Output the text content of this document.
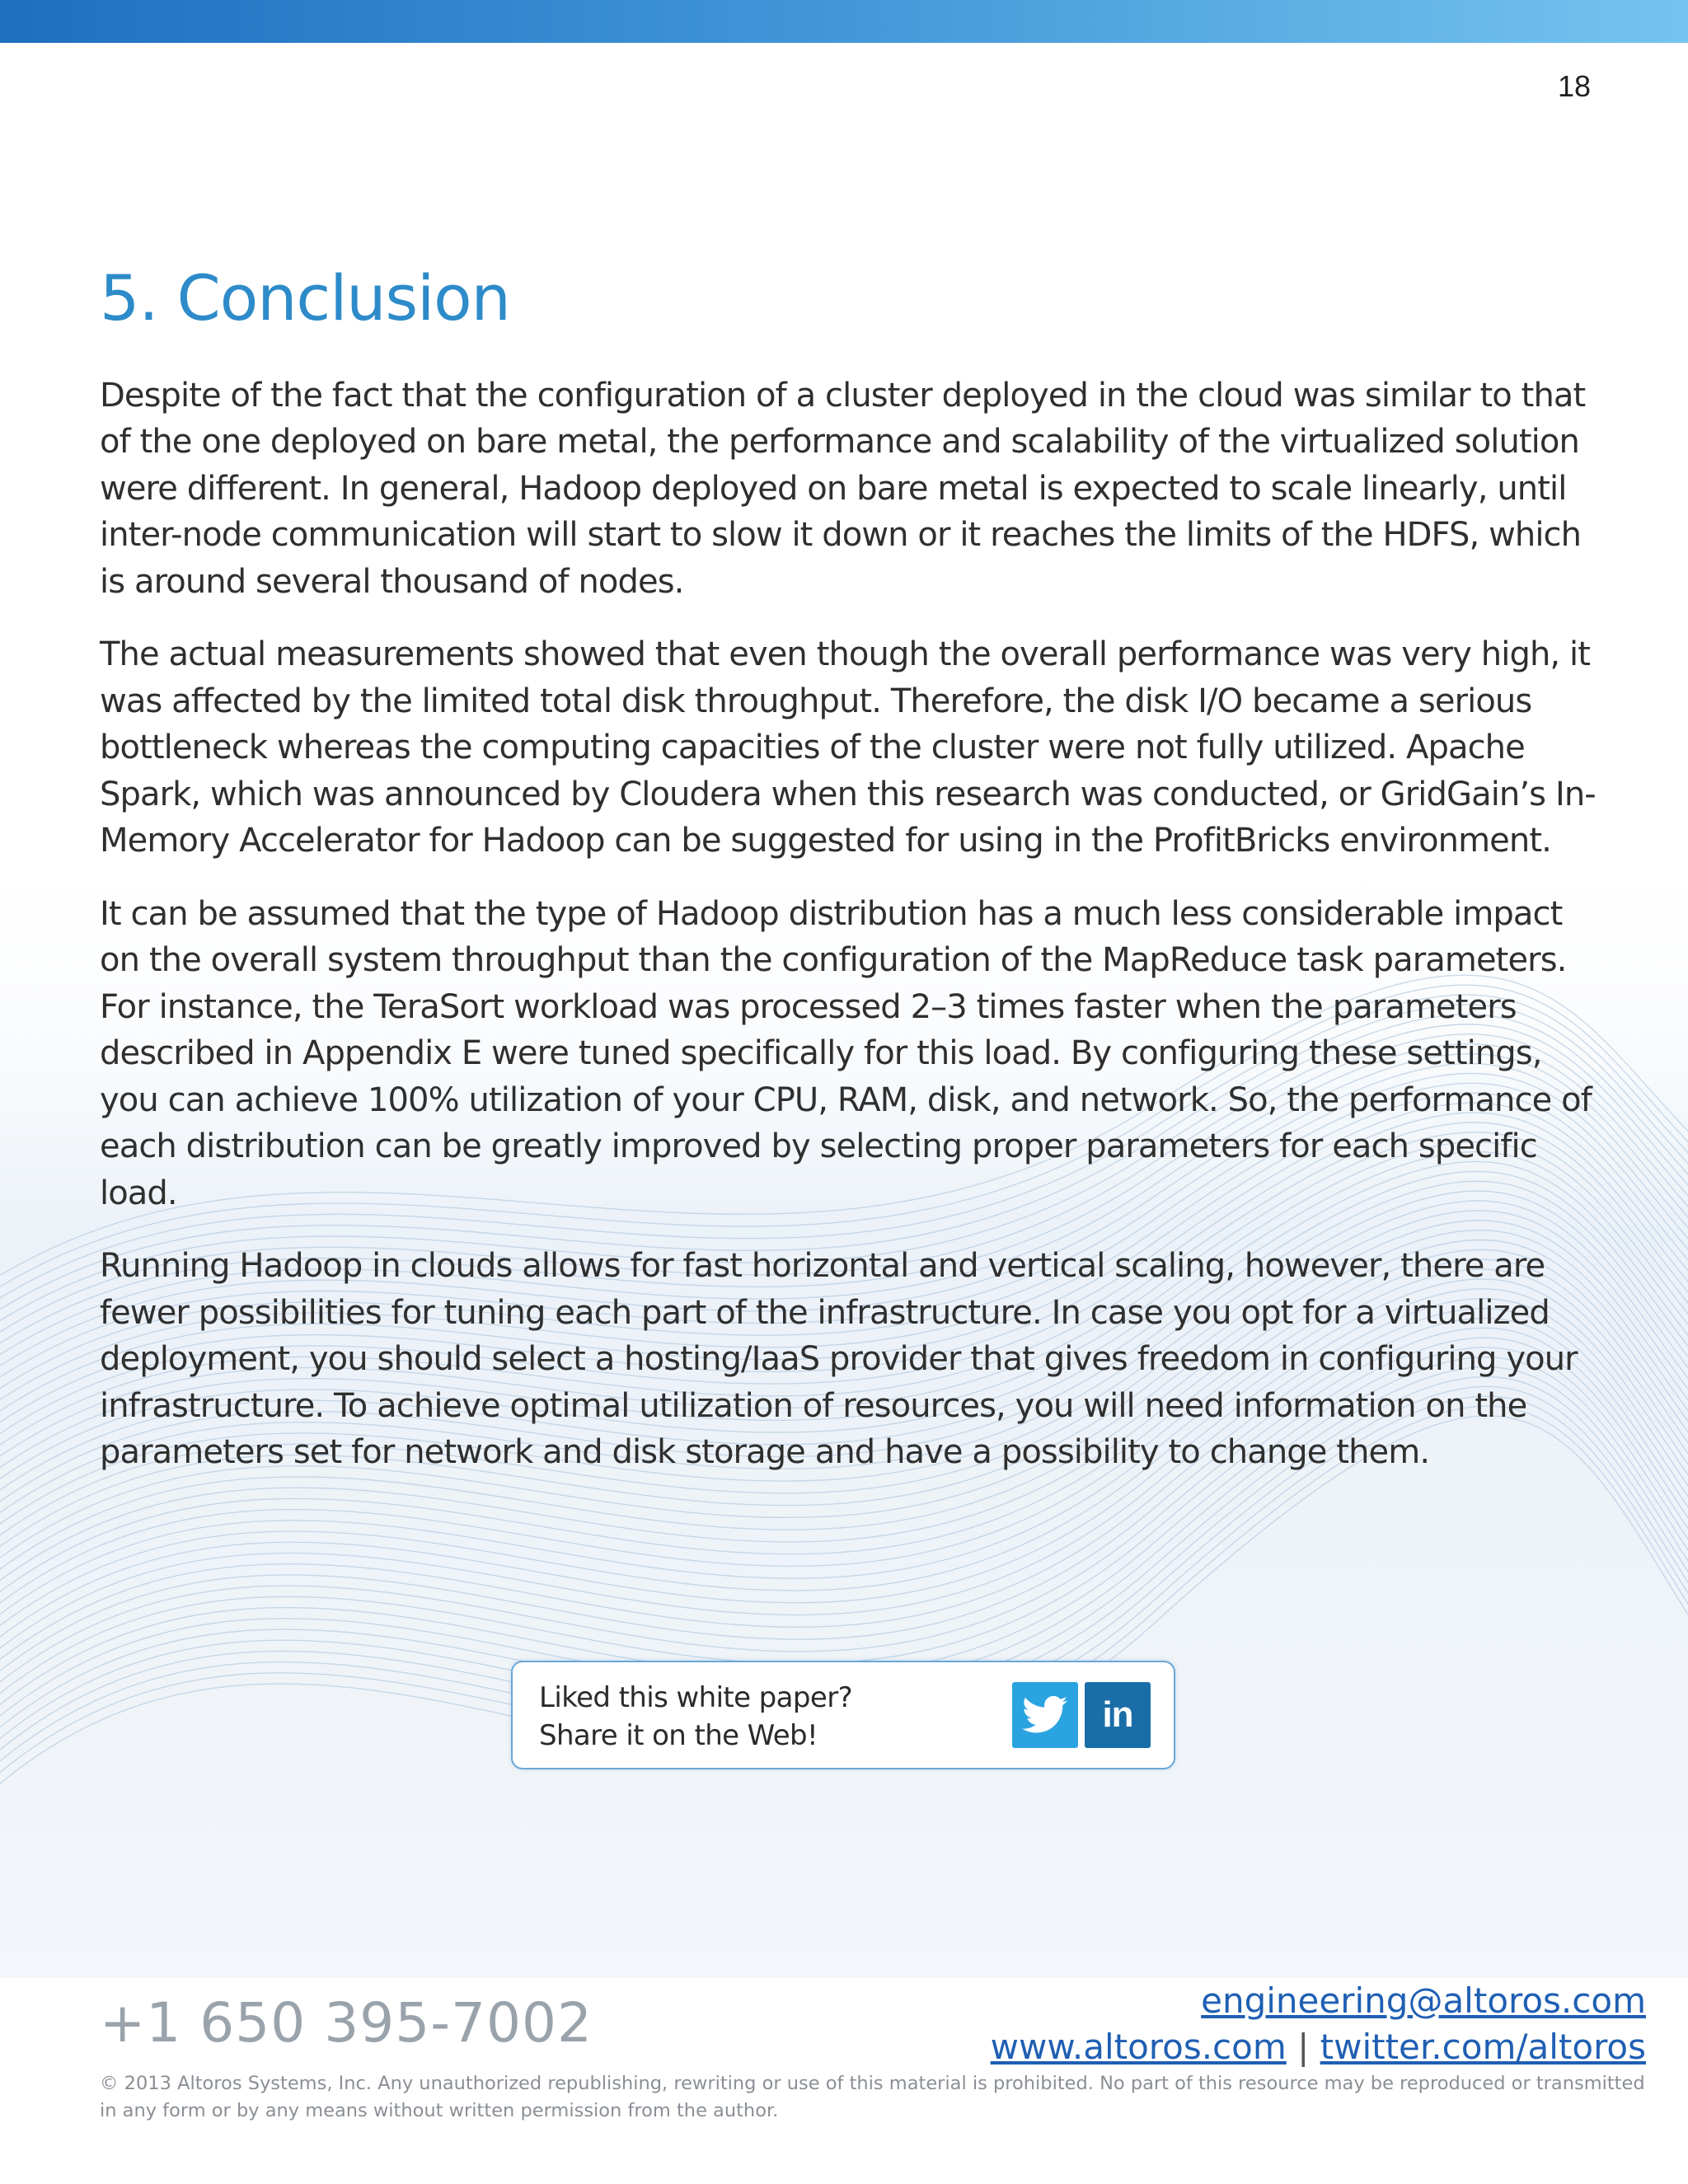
18
5. Conclusion

Despite of the fact that the configuration of a cluster deployed in the cloud was similar to that of the one deployed on bare metal, the performance and scalability of the virtualized solution were different. In general, Hadoop deployed on bare metal is expected to scale linearly, until inter-node communication will start to slow it down or it reaches the limits of the HDFS, which is around several thousand of nodes.

The actual measurements showed that even though the overall performance was very high, it was affected by the limited total disk throughput. Therefore, the disk I/O became a serious bottleneck whereas the computing capacities of the cluster were not fully utilized. Apache Spark, which was announced by Cloudera when this research was conducted, or GridGain’s In-Memory Accelerator for Hadoop can be suggested for using in the ProfitBricks environment.

It can be assumed that the type of Hadoop distribution has a much less considerable impact on the overall system throughput than the configuration of the MapReduce task parameters. For instance, the TeraSort workload was processed 2–3 times faster when the parameters described in Appendix E were tuned specifically for this load. By configuring these settings, you can achieve 100% utilization of your CPU, RAM, disk, and network. So, the performance of each distribution can be greatly improved by selecting proper parameters for each specific load.

Running Hadoop in clouds allows for fast horizontal and vertical scaling, however, there are fewer possibilities for tuning each part of the infrastructure. In case you opt for a virtualized deployment, you should select a hosting/IaaS provider that gives freedom in configuring your infrastructure. To achieve optimal utilization of resources, you will need information on the parameters set for network and disk storage and have a possibility to change them.

Liked this white paper?
Share it on the Web!
in
+1 650 395-7002	engineering@altoros.com
www.altoros.com | twitter.com/altoros
© 2013 Altoros Systems, Inc. Any unauthorized republishing, rewriting or use of this material is prohibited. No part of this resource may be reproduced or transmitted in any form or by any means without written permission from the author.
